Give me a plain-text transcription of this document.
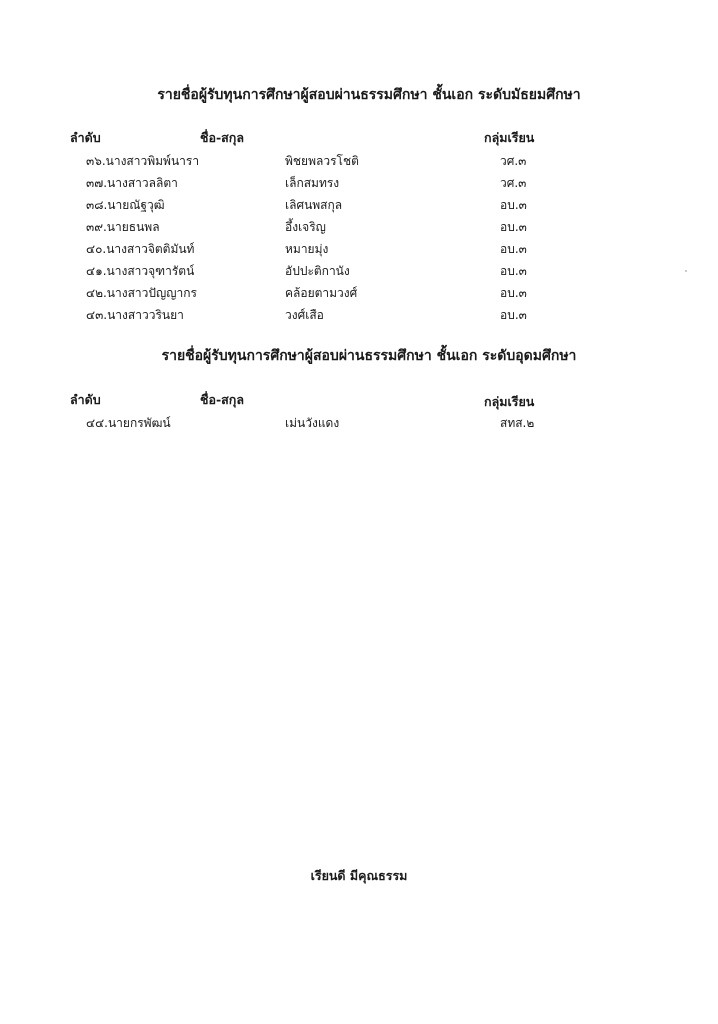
รายชื่อผู้รับทุนการศึกษาผู้สอบผ่านธรรมศึกษา ชั้นเอก ระดับมัธยมศึกษา
ลำดับ	ชื่อ-สกุล	กลุ่มเรียน
๓๖.นางสาวพิมพ์นารา	พิชยพลวรโชติ	วศ.๓
๓๗.นางสาวลลิตา	เล็กสมทรง	วศ.๓
๓๘.นายณัฐวุฒิ	เลิศนพสกุล	อบ.๓
๓๙.นายธนพล	อึ้งเจริญ	อบ.๓
๔๐.นางสาวจิตติมันท์	หมายมุ่ง	อบ.๓
๔๑.นางสาวจุฑารัตน์	อัปปะติกานัง	อบ.๓
๔๒.นางสาวปัญญากร	คล้อยตามวงศ์	อบ.๓
๔๓.นางสาววรินยา	วงศ์เสือ	อบ.๓
รายชื่อผู้รับทุนการศึกษาผู้สอบผ่านธรรมศึกษา ชั้นเอก ระดับอุดมศึกษา
ลำดับ	ชื่อ-สกุล	กลุ่มเรียน
๔๔.นายกรพัฒน์	เม่นวังแดง	สทส.๒
เรียนดี มีคุณธรรม
